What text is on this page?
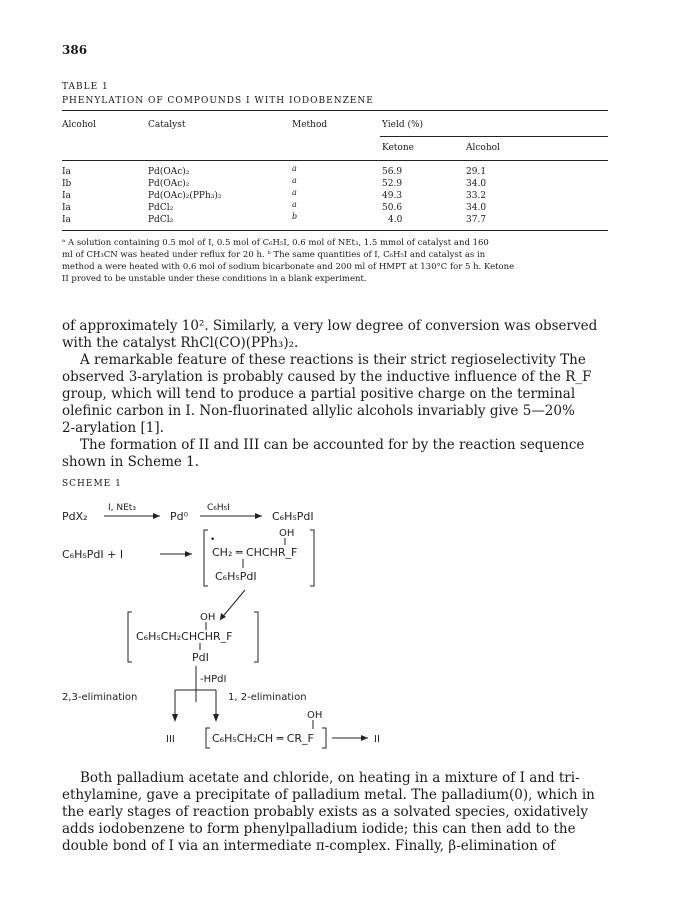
386
TABLE 1
PHENYLATION OF COMPOUNDS I WITH IODOBENZENE
Alcohol	Catalyst	Method	Yield (%)
Ketone	Alcohol
Ia	Pd(OAc)₂	a	56.9	29.1
Ib	Pd(OAc)₂	a	52.9	34.0
Ia	Pd(OAc)₂(PPh₃)₂	a	49.3	33.2
Ia	PdCl₂	a	50.6	34.0
Ia	PdCl₂	b	4.0	37.7
ᵃ A solution containing 0.5 mol of I, 0.5 mol of C₆H₅I, 0.6 mol of NEt₃, 1.5 mmol of catalyst and 160
ml of CH₃CN was heated under reflux for 20 h. ᵇ The same quantities of I, C₆H₅I and catalyst as in
method a were heated with 0.6 mol of sodium bicarbonate and 200 ml of HMPT at 130°C for 5 h. Ketone
II proved to be unstable under these conditions in a blank experiment.

of approximately 10². Similarly, a very low degree of conversion was observed

with the catalyst RhCl(CO)(PPh₃)₂.

A remarkable feature of these reactions is their strict regioselectivity The

observed 3-arylation is probably caused by the inductive influence of the R_F

group, which will tend to produce a partial positive charge on the terminal

olefinic carbon in I. Non-fluorinated allylic alcohols invariably give 5—20%

2-arylation [1].

The formation of II and III can be accounted for by the reaction sequence

shown in Scheme 1.

SCHEME 1
PdX₂
I, NEt₃
Pd⁰
C₆H₅I
C₆H₅PdI
C₆H₅PdI + I
•
OH
CH₂ ═ CHCHR_F
C₆H₅PdI
OH
C₆H₅CH₂CHCHR_F
PdI
-HPdI
2,3-elimination	1, 2-elimination
III
OH
C₆H₅CH₂CH ═ CR_F	II

Both palladium acetate and chloride, on heating in a mixture of I and tri-

ethylamine, gave a precipitate of palladium metal. The palladium(0), which in

the early stages of reaction probably exists as a solvated species, oxidatively

adds iodobenzene to form phenylpalladium iodide; this can then add to the

double bond of I via an intermediate π-complex. Finally, β-elimination of
